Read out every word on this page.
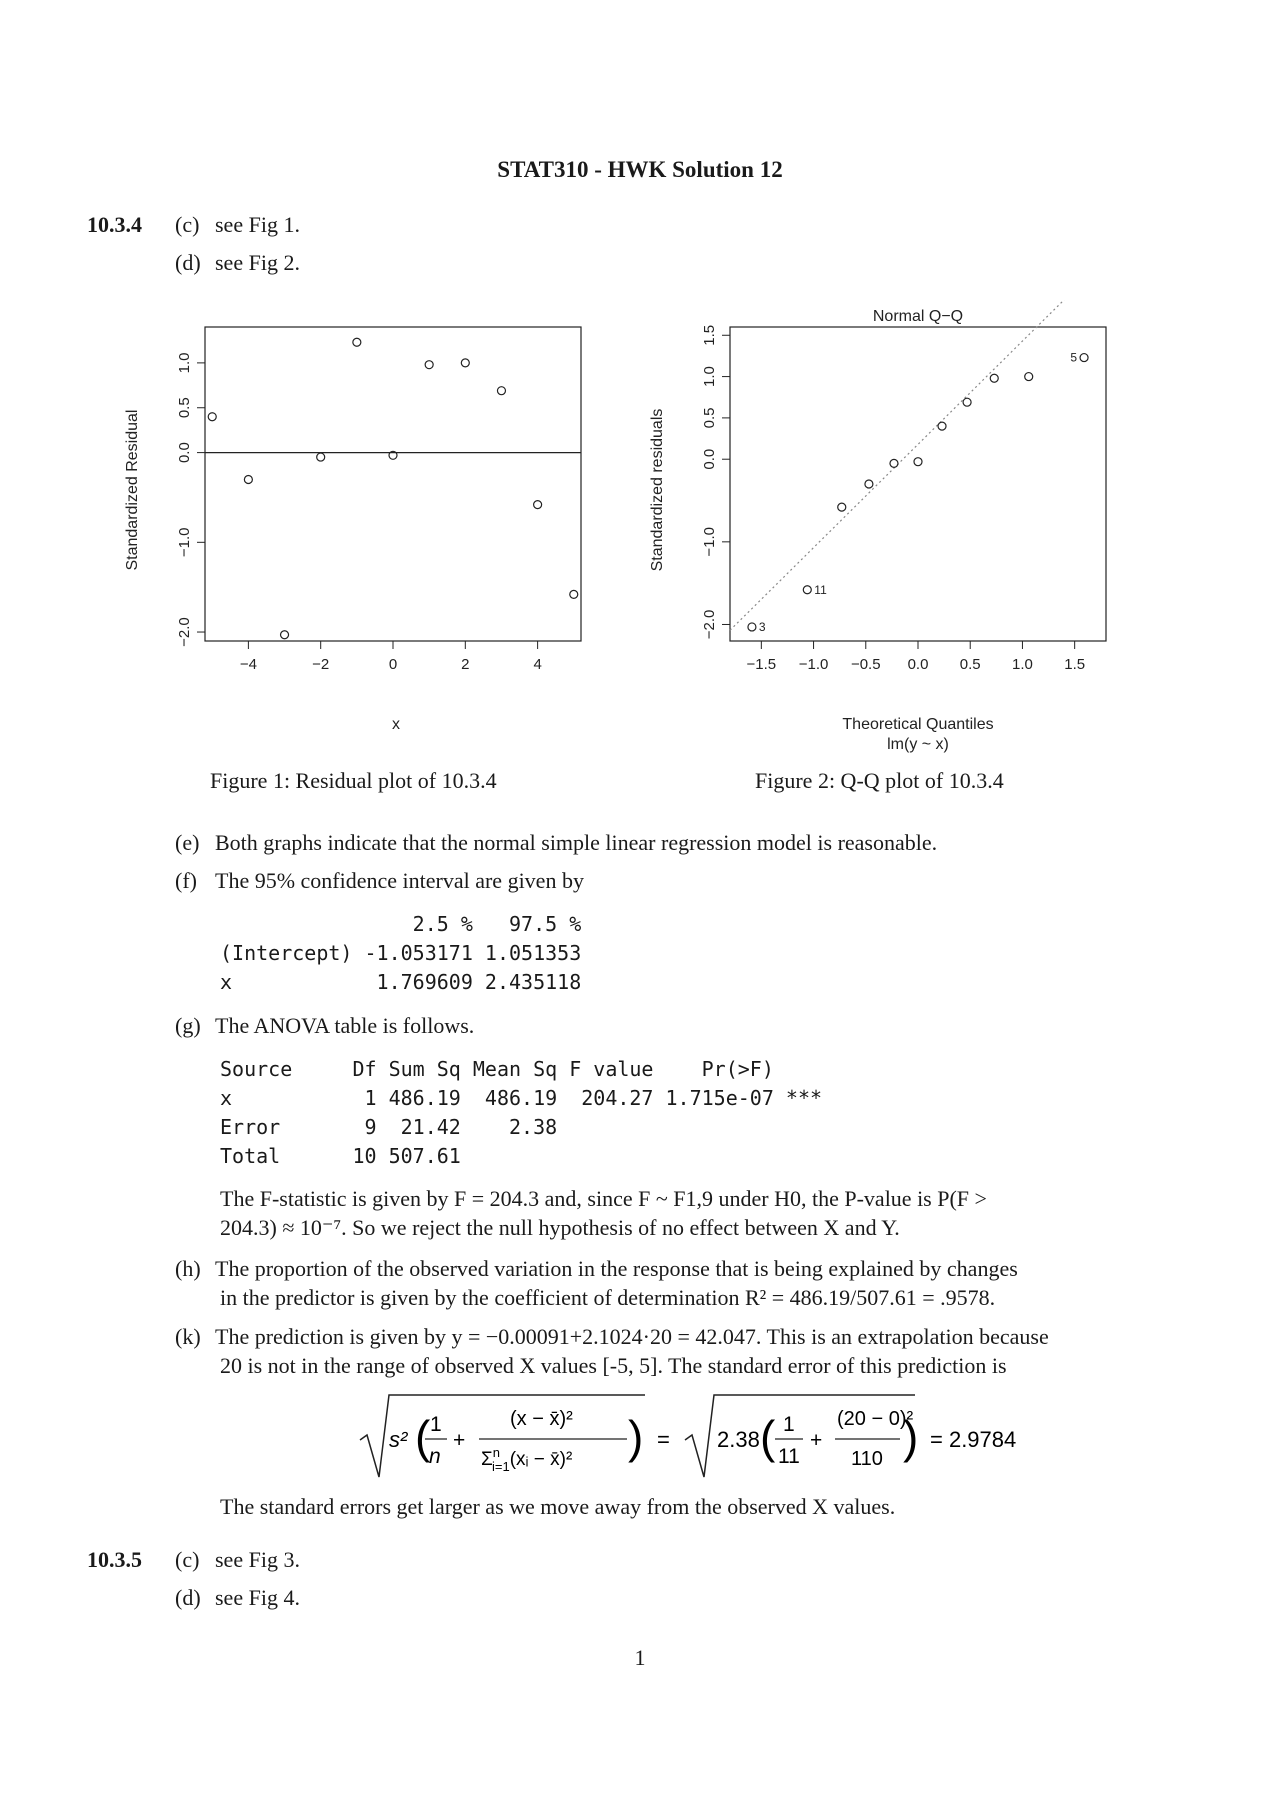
STAT310 - HWK Solution 12
10.3.4 (c) see Fig 1.
(d) see Fig 2.
−4	−2	0	2	4
−2.0
−1.0
0.0
0.5
1.0
Standardized Residual
x
Figure 1: Residual plot of 10.3.4
Normal Q−Q
−1.5 −1.0 −0.5 0.0 0.5 1.0 1.5
−2.0
−1.0
0.0
0.5
1.0
1.5
3
11
5
Standardized residuals
Theoretical Quantiles
lm(y ~ x)
Figure 2: Q-Q plot of 10.3.4
(e) Both graphs indicate that the normal simple linear regression model is reasonable.
(f) The 95% confidence interval are given by
2.5 %   97.5 %
(Intercept) -1.053171 1.051353
x            1.769609 2.435118
(g) The ANOVA table is follows.
Source     Df Sum Sq Mean Sq F value    Pr(>F)
x           1 486.19  486.19  204.27 1.715e-07 ***
Error       9  21.42    2.38
Total      10 507.61
The F-statistic is given by F = 204.3 and, since F ~ F1,9 under H0, the P-value is P(F >
204.3) ≈ 10⁻⁷. So we reject the null hypothesis of no effect between X and Y.
(h) The proportion of the observed variation in the response that is being explained by changes
in the predictor is given by the coefficient of determination R² = 486.19/507.61 = .9578.
(k) The prediction is given by y = −0.00091+2.1024·20 = 42.047. This is an extrapolation because
20 is not in the range of observed X values [-5, 5]. The standard error of this prediction is
s² ( 1
n
+
(x − x̄)²
$\Sigma^n$ i=1(xᵢ − x̄)² ) = 2.38 ( 1
11
+
(20 − 0)²
110 ) = 2.9784
The standard errors get larger as we move away from the observed X values.
10.3.5 (c) see Fig 3.
(d) see Fig 4.
1
